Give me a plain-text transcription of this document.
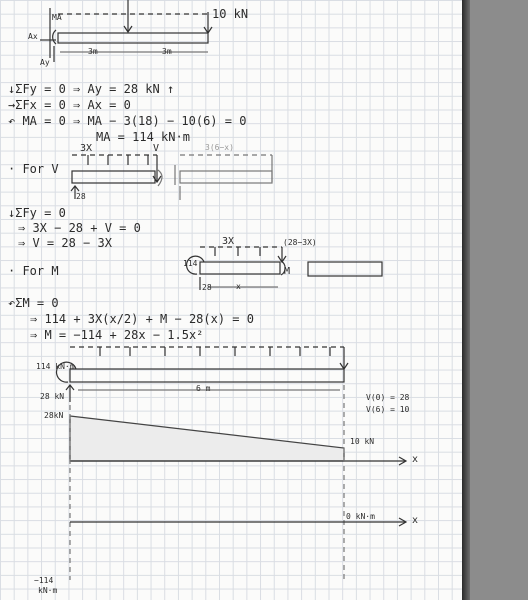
10 kN
MA
Ax
Ay
3m	3m
↓ΣFy = 0 ⇒ Ay = 28 kN ↑
→ΣFx = 0 ⇒ Ax = 0
↶ MA = 0 ⇒ MA − 3(18) − 10(6) = 0
MA = 114 kN·m
· For V
3X	V
28
3(6−x)
↓ΣFy = 0
⇒ 3X − 28 + V = 0
⇒ V = 28 − 3X
· For M
3X	(28−3X)
114
M
28	x
↶ΣM = 0
⇒ 114 + 3X(x/2) + M − 28(x) = 0
⇒ M = −114 + 28x − 1.5x²
114 kN·m
28 kN
6 m
V(0) = 28
V(6) = 10
28kN
10 kN
x
0 kN·m	x
−114
kN·m
